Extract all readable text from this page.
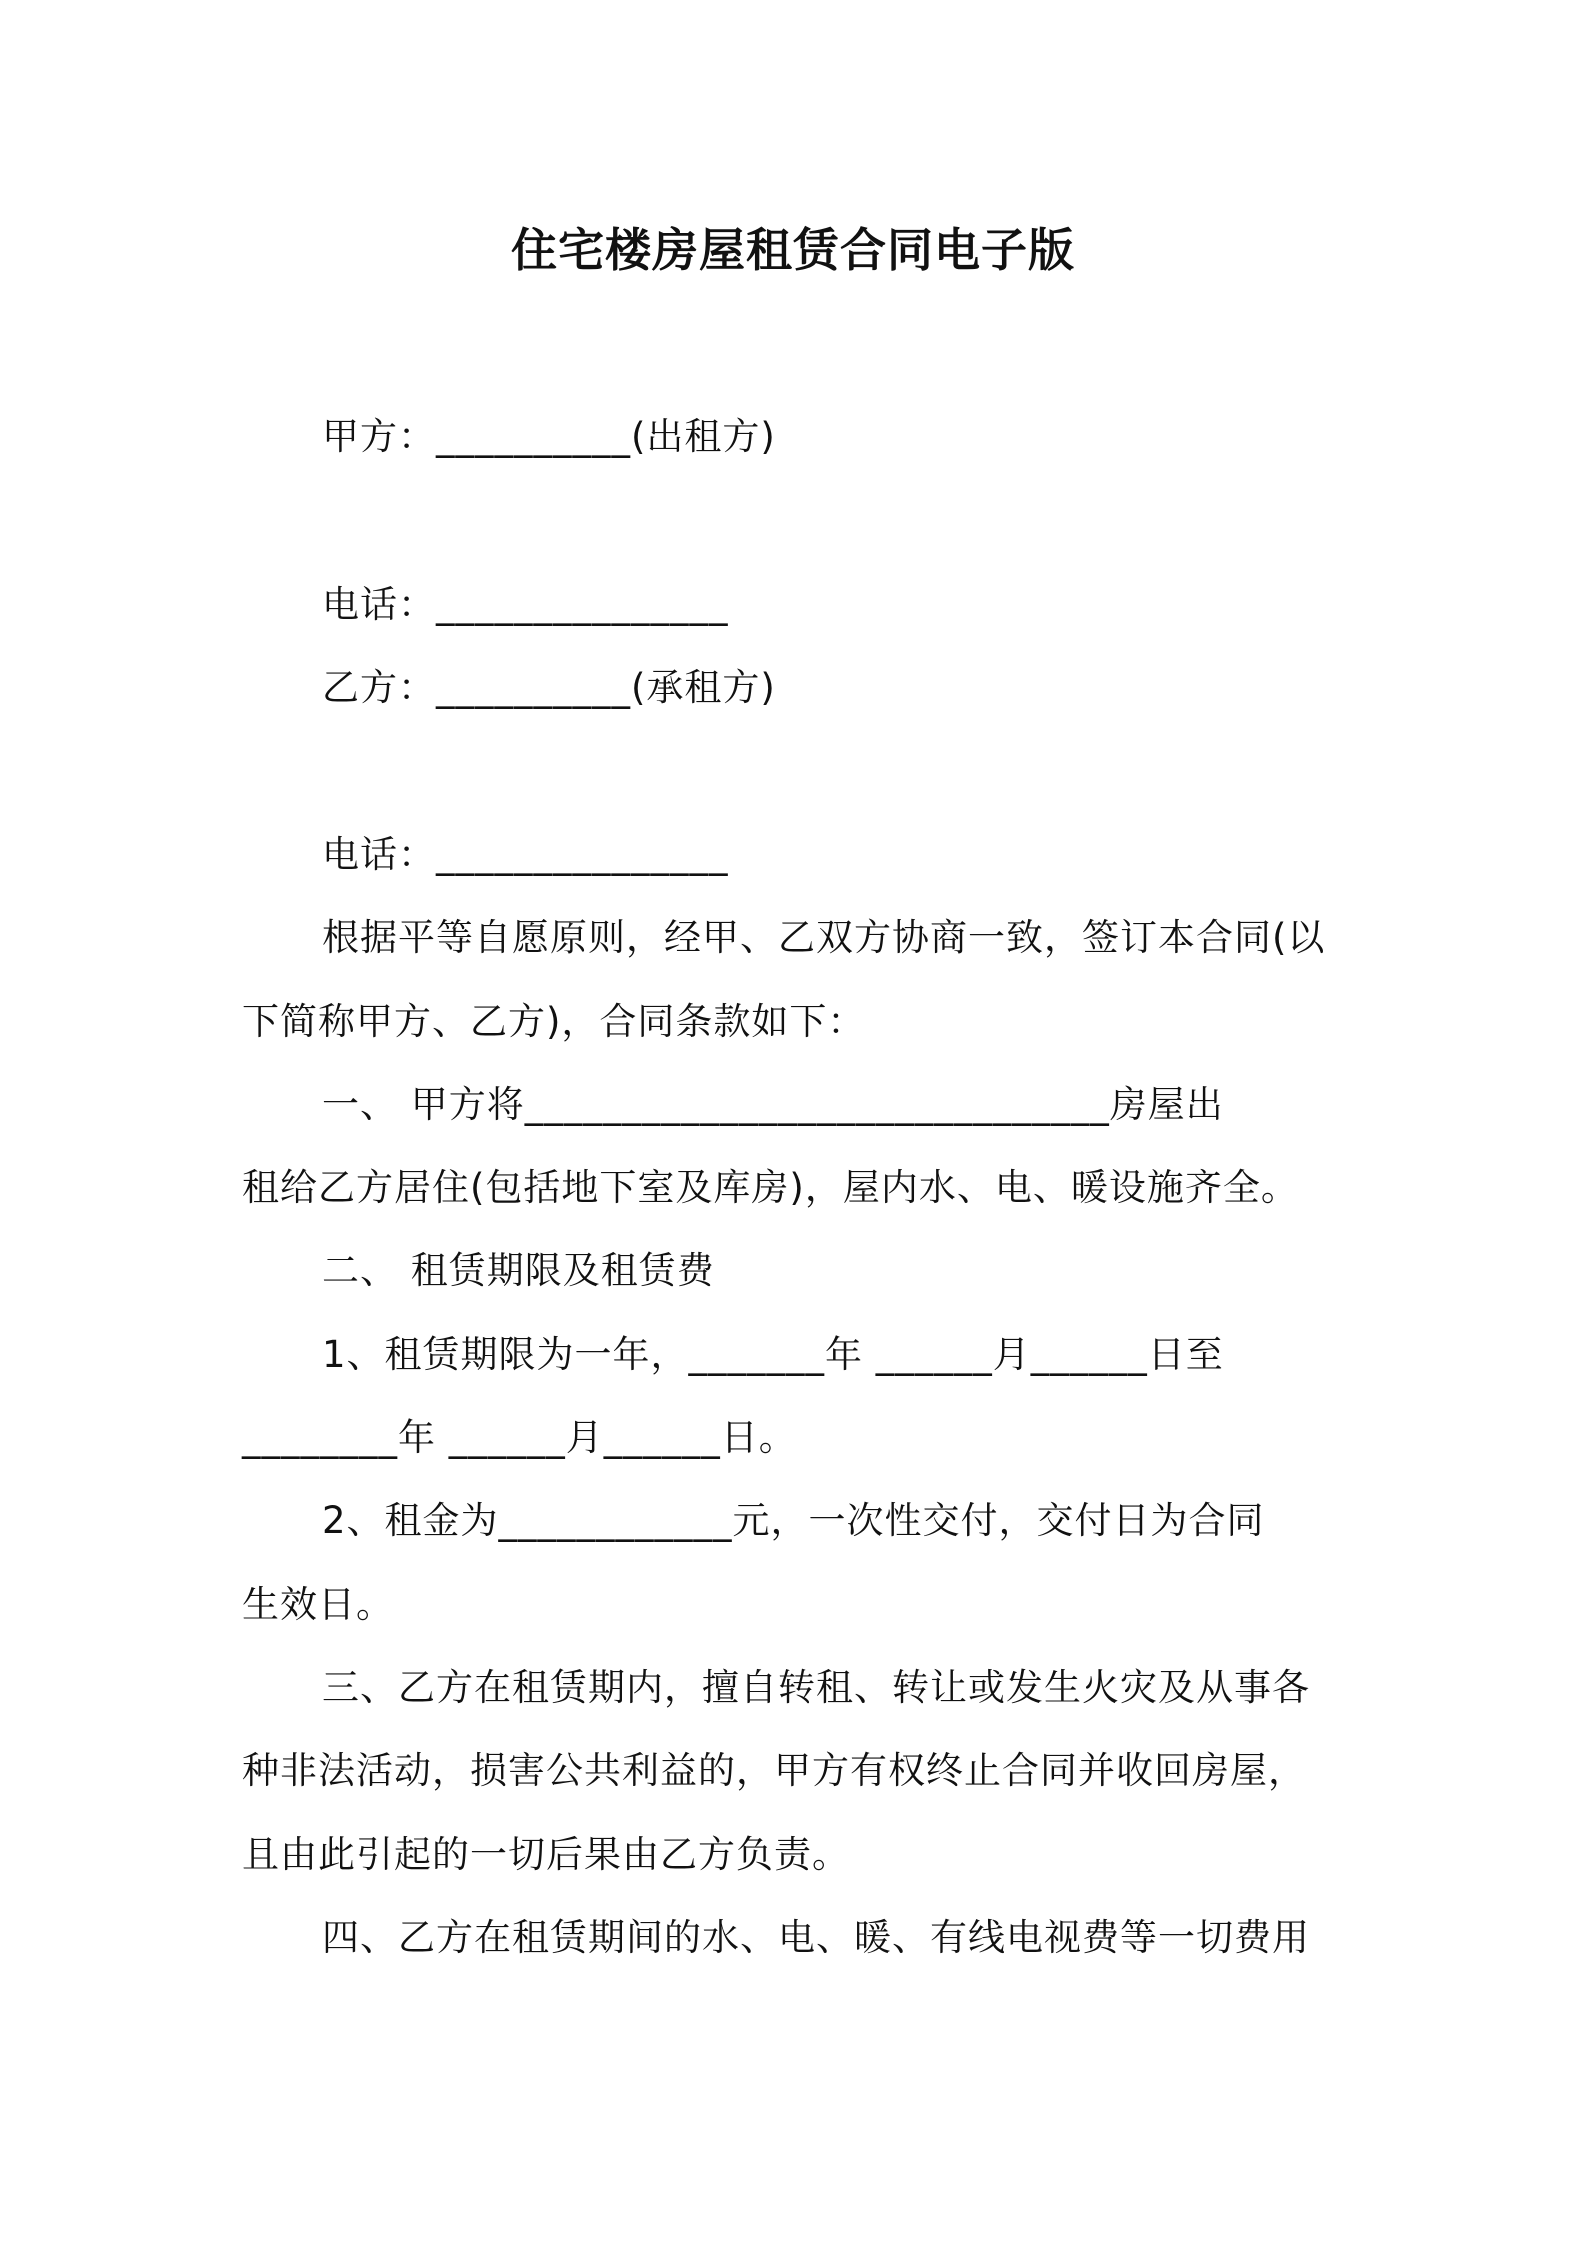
住宅楼房屋租赁合同电子版
甲方：__________(出租方)
电话：_______________
乙方：__________(承租方)
电话：_______________
根据平等自愿原则，经甲、乙双方协商一致，签订本合同(以
下简称甲方、乙方)，合同条款如下：
一、 甲方将______________________________房屋出
租给乙方居住(包括地下室及库房)，屋内水、电、暖设施齐全。
二、 租赁期限及租赁费
1、租赁期限为一年，_______年 ______月______日至
________年 ______月______日。
2、租金为____________元，一次性交付，交付日为合同
生效日。
三、乙方在租赁期内，擅自转租、转让或发生火灾及从事各
种非法活动，损害公共利益的，甲方有权终止合同并收回房屋，
且由此引起的一切后果由乙方负责。
四、乙方在租赁期间的水、电、暖、有线电视费等一切费用
